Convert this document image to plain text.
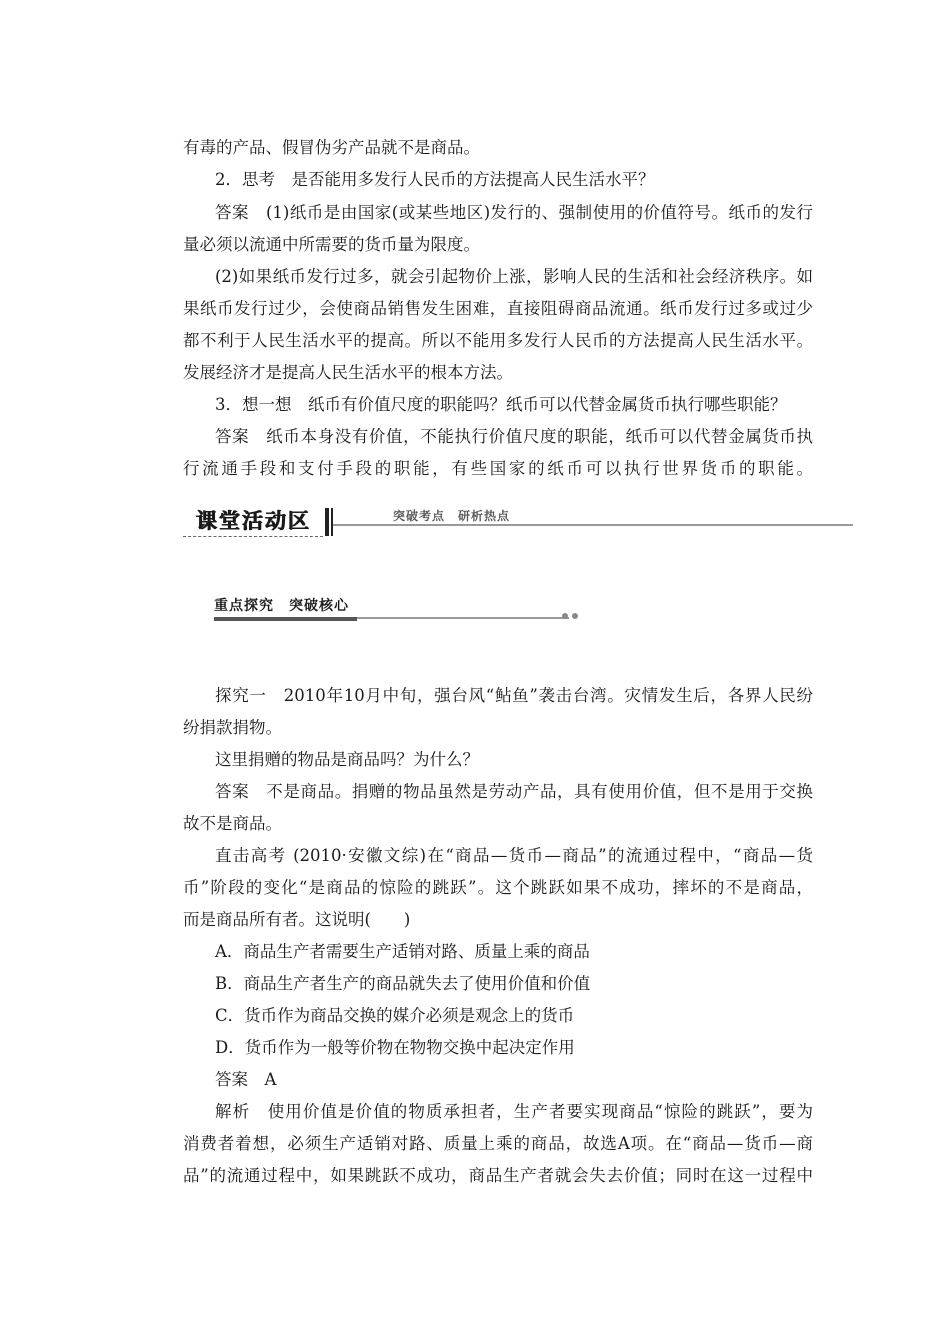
有毒的产品、假冒伪劣产品就不是商品。
2．思考　是否能用多发行人民币的方法提高人民生活水平？
答案　(1)纸币是由国家(或某些地区)发行的、强制使用的价值符号。纸币的发行
量必须以流通中所需要的货币量为限度。
(2)如果纸币发行过多，就会引起物价上涨，影响人民的生活和社会经济秩序。如
果纸币发行过少，会使商品销售发生困难，直接阻碍商品流通。纸币发行过多或过少
都不利于人民生活水平的提高。所以不能用多发行人民币的方法提高人民生活水平。
发展经济才是提高人民生活水平的根本方法。
3．想一想　纸币有价值尺度的职能吗？纸币可以代替金属货币执行哪些职能？
答案　纸币本身没有价值，不能执行价值尺度的职能，纸币可以代替金属货币执
行流通手段和支付手段的职能，有些国家的纸币可以执行世界货币的职能。
课堂活动区	突破考点　研析热点
重点探究　突破核心
探究一　2010年10月中旬，强台风“鲇鱼”袭击台湾。灾情发生后，各界人民纷
纷捐款捐物。
这里捐赠的物品是商品吗？为什么？
答案　不是商品。捐赠的物品虽然是劳动产品，具有使用价值，但不是用于交换
故不是商品。
直击高考 (2010·安徽文综)在“商品—货币—商品”的流通过程中，“商品—货
币”阶段的变化“是商品的惊险的跳跃”。这个跳跃如果不成功，摔坏的不是商品，
而是商品所有者。这说明(　　)
A．商品生产者需要生产适销对路、质量上乘的商品
B．商品生产者生产的商品就失去了使用价值和价值
C．货币作为商品交换的媒介必须是观念上的货币
D．货币作为一般等价物在物物交换中起决定作用
答案　A
解析　使用价值是价值的物质承担者，生产者要实现商品“惊险的跳跃”，要为
消费者着想，必须生产适销对路、质量上乘的商品，故选A项。在“商品—货币—商
品”的流通过程中，如果跳跃不成功，商品生产者就会失去价值；同时在这一过程中
